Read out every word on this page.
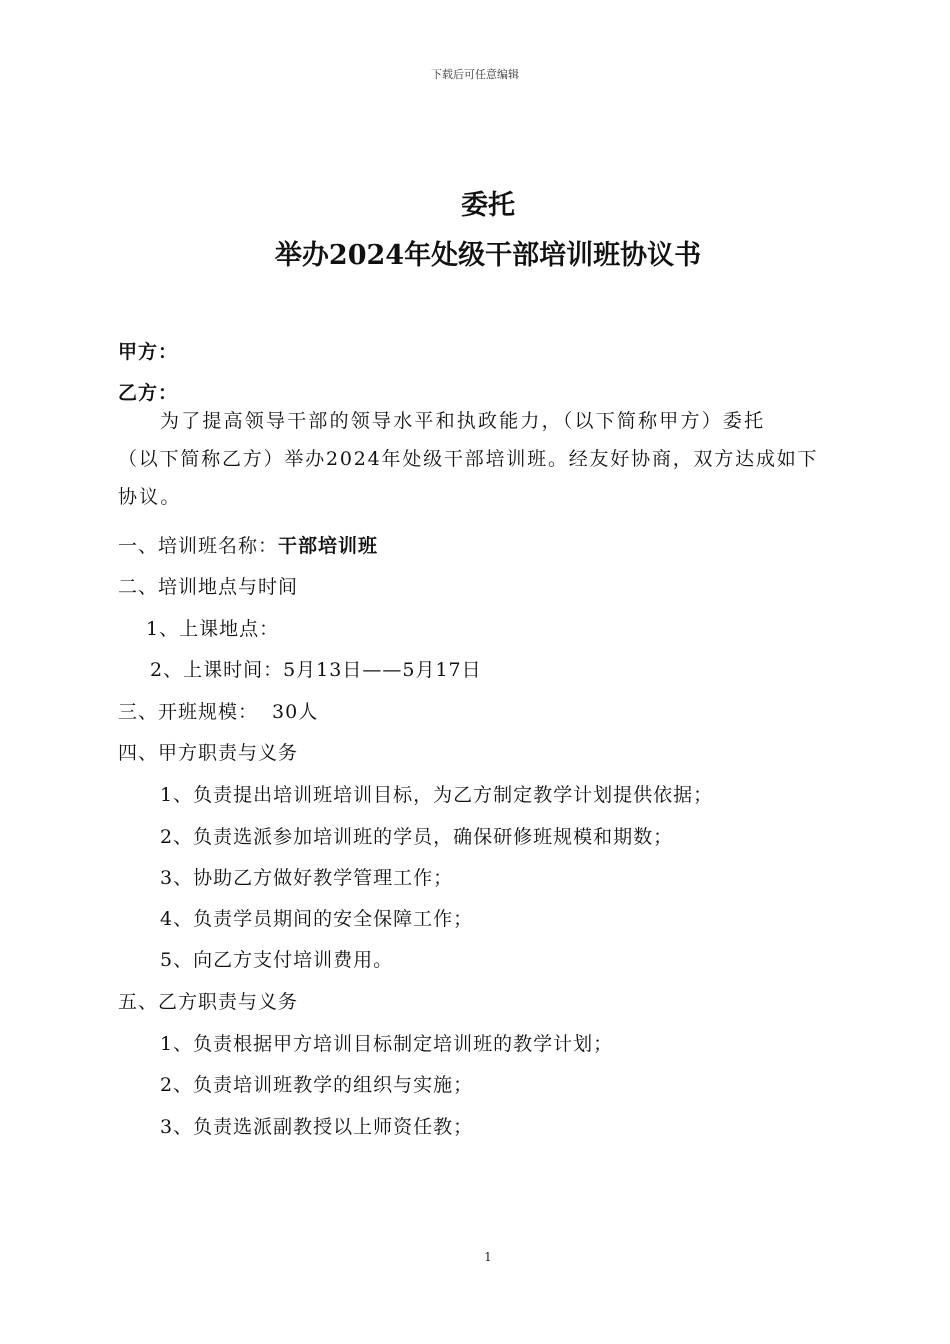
下载后可任意编辑
委托
举办2024年处级干部培训班协议书
甲方：
乙方：
为了提高领导干部的领导水平和执政能力，（以下简称甲方）委托
（以下简称乙方）举办2024年处级干部培训班。经友好协商，双方达成如下
协议。
一、培训班名称：干部培训班
二、培训地点与时间
1、上课地点：
2、上课时间：5月13日——5月17日
三、开班规模： 30人
四、甲方职责与义务
1、负责提出培训班培训目标，为乙方制定教学计划提供依据；
2、负责选派参加培训班的学员，确保研修班规模和期数；
3、协助乙方做好教学管理工作；
4、负责学员期间的安全保障工作；
5、向乙方支付培训费用。
五、乙方职责与义务
1、负责根据甲方培训目标制定培训班的教学计划；
2、负责培训班教学的组织与实施；
3、负责选派副教授以上师资任教；
1
